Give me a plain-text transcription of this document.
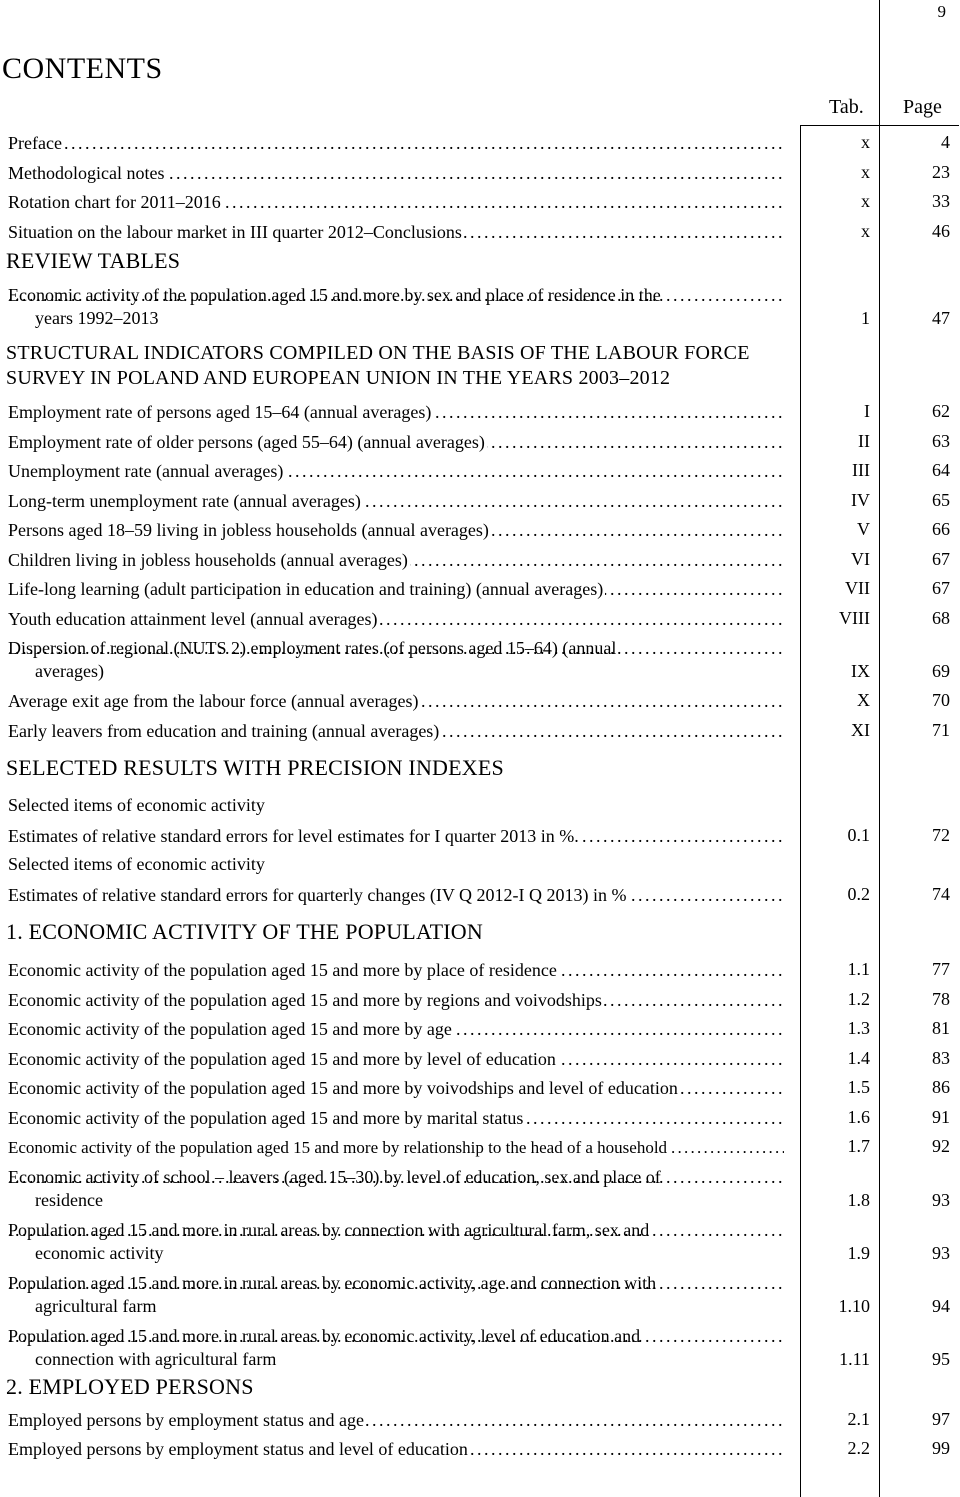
9
CONTENTS
Tab. Page
Preface . . .	x	4
Methodological notes . . .	x	23
Rotation chart for 2011–2016 . . .	x	33
Situation on the labour market in III quarter 2012–Conclusions . . .	x	46
REVIEW TABLES
Economic activity of the population aged 15 and more by sex and place of residence in the
years 1992–2013
. . .	1	47
STRUCTURAL INDICATORS COMPILED ON THE BASIS OF THE LABOUR FORCE
SURVEY IN POLAND AND EUROPEAN UNION IN THE YEARS 2003–2012
Employment rate of persons aged 15–64 (annual averages) . . .	I	62
Employment rate of older persons (aged 55–64) (annual averages) . . .	II	63
Unemployment rate (annual averages) . . .	III	64
Long-term unemployment rate (annual averages) . . .	IV	65
Persons aged 18–59 living in jobless households (annual averages) . . .	V	66
Children living in jobless households (annual averages) . . .	VI	67
Life-long learning (adult participation in education and training) (annual averages) . . .	VII	67
Youth education attainment level (annual averages) . . .	VIII	68
Dispersion of regional (NUTS 2) employment rates (of persons aged 15–64) (annual
averages)
. . .	IX	69
Average exit age from the labour force (annual averages) . . .	X	70
Early leavers from education and training (annual averages) . . .	XI	71
SELECTED RESULTS WITH PRECISION INDEXES
Selected items of economic activity
Estimates of relative standard errors for level estimates for I quarter 2013 in %. . . .	0.1	72
Selected items of economic activity
Estimates of relative standard errors for quarterly changes (IV Q 2012-I Q 2013) in % . . .	0.2	74
1. ECONOMIC ACTIVITY OF THE POPULATION
Economic activity of the population aged 15 and more by place of residence . . .	1.1	77
Economic activity of the population aged 15 and more by regions and voivodships . . .	1.2	78
Economic activity of the population aged 15 and more by age . . .	1.3	81
Economic activity of the population aged 15 and more by level of education . . .	1.4	83
Economic activity of the population aged 15 and more by voivodships and level of education . . .	1.5	86
Economic activity of the population aged 15 and more by marital status . . .	1.6	91
Economic activity of the population aged 15 and more by relationship to the head of a household . . .	1.7	92
Economic activity of school – leavers (aged 15–30) by level of education, sex and place of
residence
. . .	1.8	93
Population aged 15 and more in rural areas by connection with agricultural farm, sex and
economic activity
. . .	1.9	93
Population aged 15 and more in rural areas by economic activity, age and connection with
agricultural farm
. . .	1.10	94
Population aged 15 and more in rural areas by economic activity, level of education and
connection with agricultural farm
. . .	1.11	95
2. EMPLOYED PERSONS
Employed persons by employment status and age . . .	2.1	97
Employed persons by employment status and level of education . . .	2.2	99
